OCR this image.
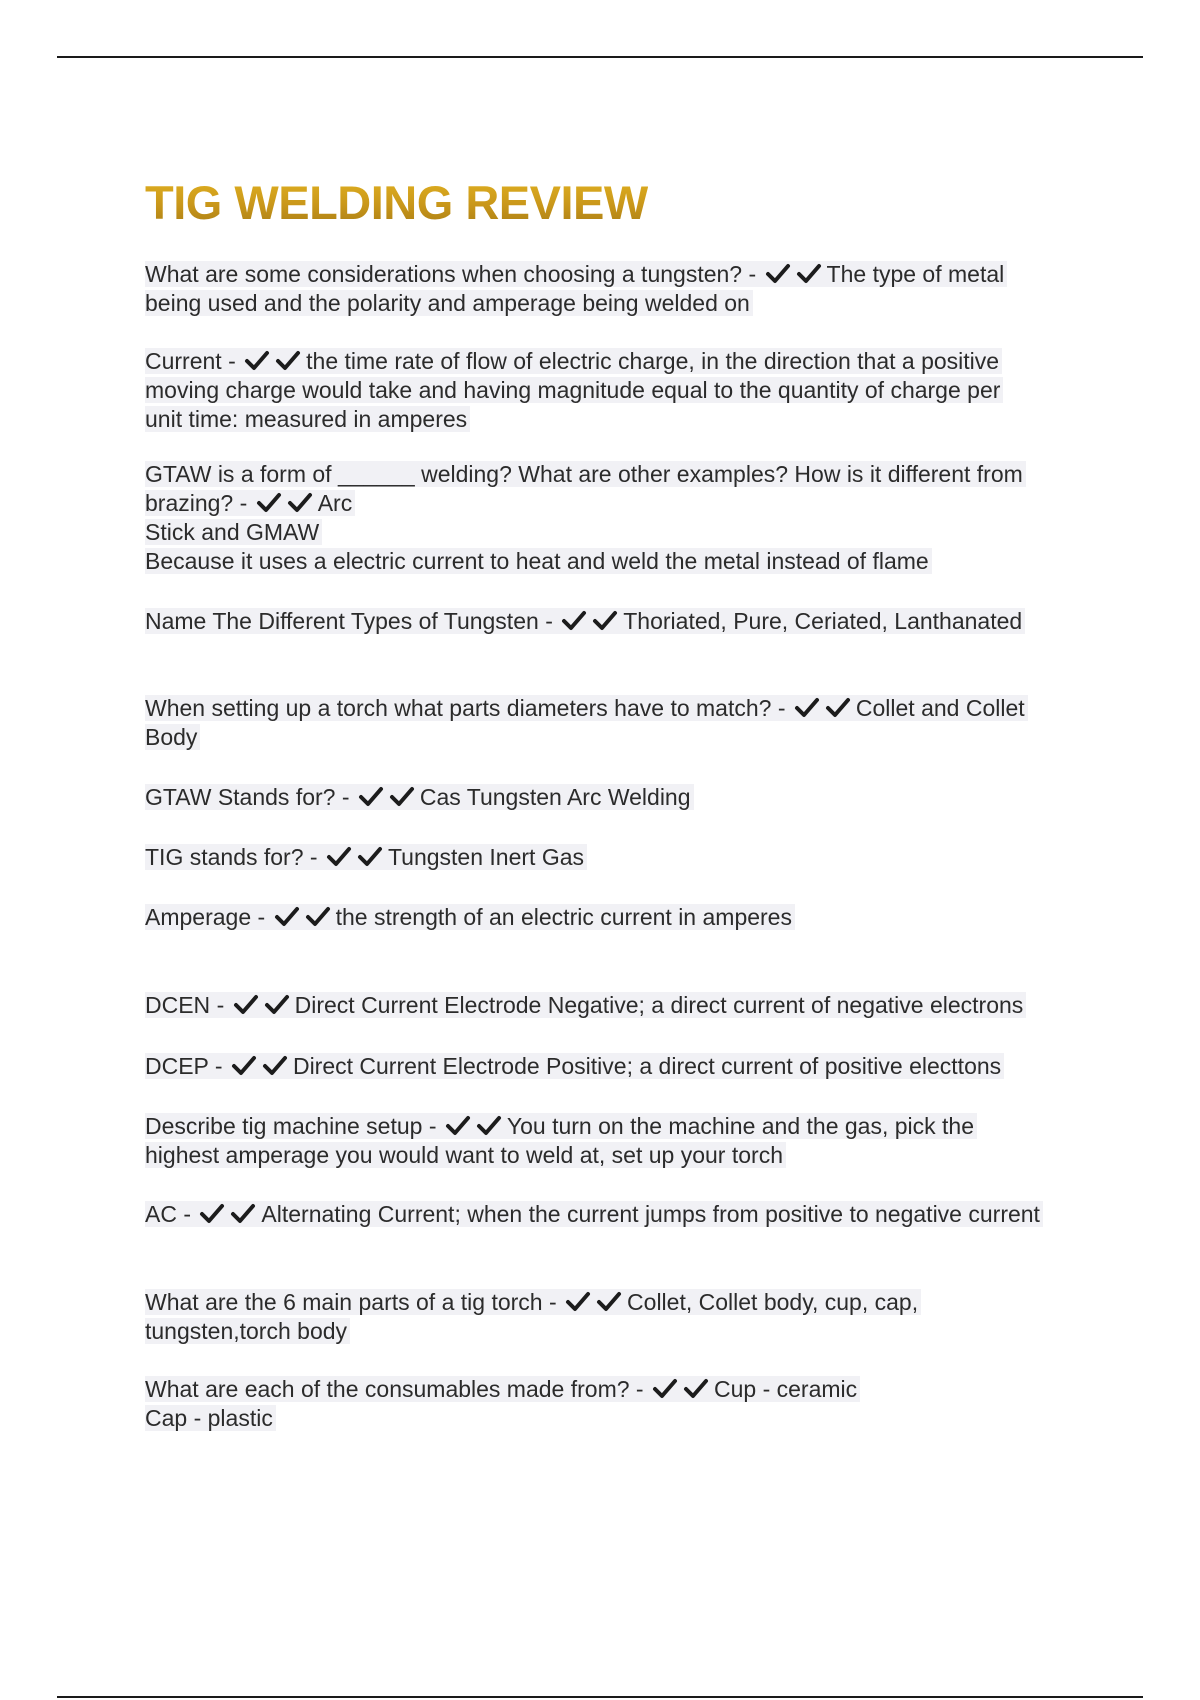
TIG WELDING REVIEW
What are some considerations when choosing a tungsten? -	The type of metal
being used and the polarity and amperage being welded on
Current -	the time rate of flow of electric charge, in the direction that a positive
moving charge would take and having magnitude equal to the quantity of charge per
unit time: measured in amperes
GTAW is a form of ______ welding? What are other examples? How is it different from
brazing? -	Arc
Stick and GMAW
Because it uses a electric current to heat and weld the metal instead of flame
Name The Different Types of Tungsten -	Thoriated, Pure, Ceriated, Lanthanated
When setting up a torch what parts diameters have to match? -	Collet and Collet
Body
GTAW Stands for? -	Cas Tungsten Arc Welding
TIG stands for? -	Tungsten Inert Gas
Amperage -	the strength of an electric current in amperes
DCEN -	Direct Current Electrode Negative; a direct current of negative electrons
DCEP -	Direct Current Electrode Positive; a direct current of positive electtons
Describe tig machine setup -	You turn on the machine and the gas, pick the
highest amperage you would want to weld at, set up your torch
AC -	Alternating Current; when the current jumps from positive to negative current
What are the 6 main parts of a tig torch -	Collet, Collet body, cup, cap,
tungsten,torch body
What are each of the consumables made from? -	Cup - ceramic
Cap - plastic
